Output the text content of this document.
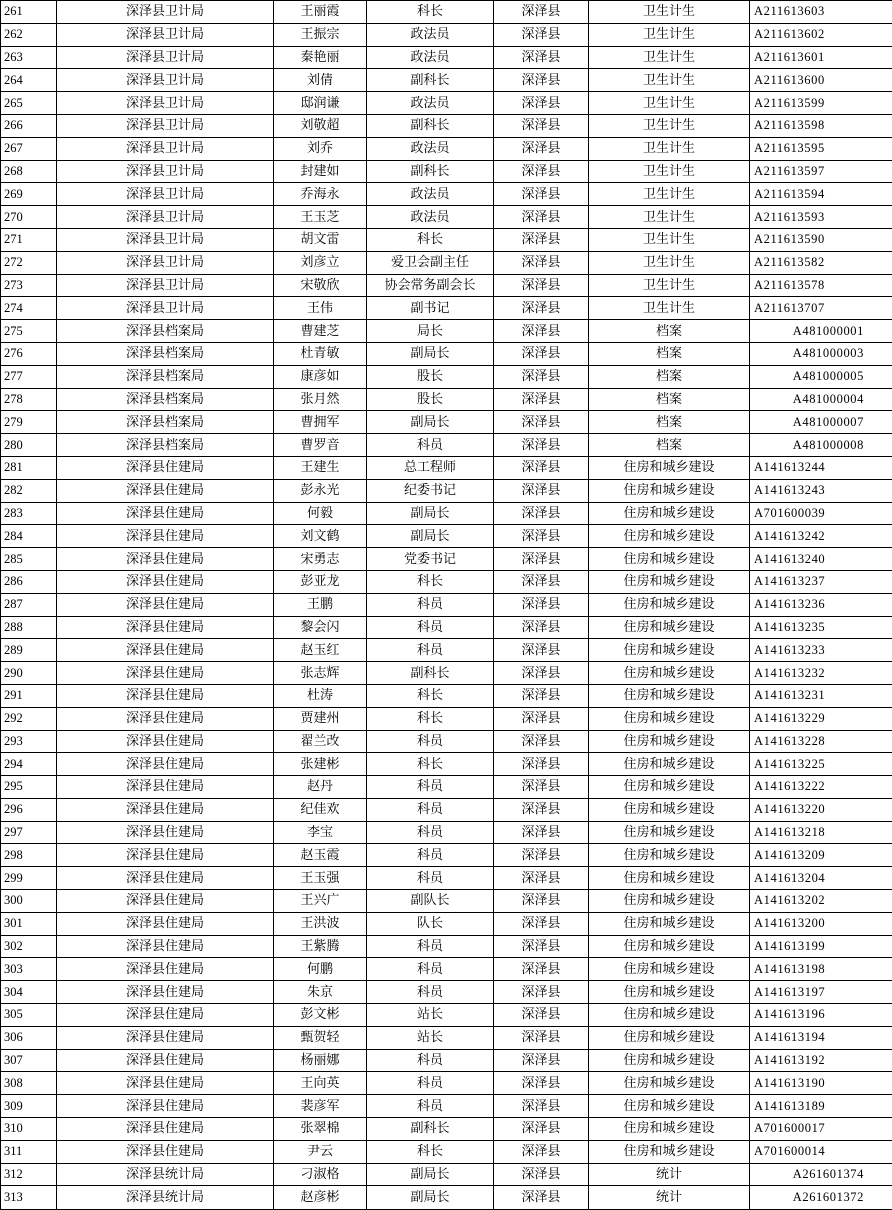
261	深泽县卫计局	王丽霞	科长	深泽县	卫生计生	A211613603
262	深泽县卫计局	王振宗	政法员	深泽县	卫生计生	A211613602
263	深泽县卫计局	秦艳丽	政法员	深泽县	卫生计生	A211613601
264	深泽县卫计局	刘倩	副科长	深泽县	卫生计生	A211613600
265	深泽县卫计局	邸润谦	政法员	深泽县	卫生计生	A211613599
266	深泽县卫计局	刘敬超	副科长	深泽县	卫生计生	A211613598
267	深泽县卫计局	刘乔	政法员	深泽县	卫生计生	A211613595
268	深泽县卫计局	封建如	副科长	深泽县	卫生计生	A211613597
269	深泽县卫计局	乔海永	政法员	深泽县	卫生计生	A211613594
270	深泽县卫计局	王玉芝	政法员	深泽县	卫生计生	A211613593
271	深泽县卫计局	胡文雷	科长	深泽县	卫生计生	A211613590
272	深泽县卫计局	刘彦立	爱卫会副主任	深泽县	卫生计生	A211613582
273	深泽县卫计局	宋敬欣	协会常务副会长	深泽县	卫生计生	A211613578
274	深泽县卫计局	王伟	副书记	深泽县	卫生计生	A211613707
275	深泽县档案局	曹建芝	局长	深泽县	档案	A481000001
276	深泽县档案局	杜青敏	副局长	深泽县	档案	A481000003
277	深泽县档案局	康彦如	股长	深泽县	档案	A481000005
278	深泽县档案局	张月然	股长	深泽县	档案	A481000004
279	深泽县档案局	曹拥军	副局长	深泽县	档案	A481000007
280	深泽县档案局	曹罗音	科员	深泽县	档案	A481000008
281	深泽县住建局	王建生	总工程师	深泽县	住房和城乡建设	A141613244
282	深泽县住建局	彭永光	纪委书记	深泽县	住房和城乡建设	A141613243
283	深泽县住建局	何毅	副局长	深泽县	住房和城乡建设	A701600039
284	深泽县住建局	刘文鹤	副局长	深泽县	住房和城乡建设	A141613242
285	深泽县住建局	宋勇志	党委书记	深泽县	住房和城乡建设	A141613240
286	深泽县住建局	彭亚龙	科长	深泽县	住房和城乡建设	A141613237
287	深泽县住建局	王鹏	科员	深泽县	住房和城乡建设	A141613236
288	深泽县住建局	黎会闪	科员	深泽县	住房和城乡建设	A141613235
289	深泽县住建局	赵玉红	科员	深泽县	住房和城乡建设	A141613233
290	深泽县住建局	张志辉	副科长	深泽县	住房和城乡建设	A141613232
291	深泽县住建局	杜涛	科长	深泽县	住房和城乡建设	A141613231
292	深泽县住建局	贾建州	科长	深泽县	住房和城乡建设	A141613229
293	深泽县住建局	翟兰改	科员	深泽县	住房和城乡建设	A141613228
294	深泽县住建局	张建彬	科长	深泽县	住房和城乡建设	A141613225
295	深泽县住建局	赵丹	科员	深泽县	住房和城乡建设	A141613222
296	深泽县住建局	纪佳欢	科员	深泽县	住房和城乡建设	A141613220
297	深泽县住建局	李宝	科员	深泽县	住房和城乡建设	A141613218
298	深泽县住建局	赵玉霞	科员	深泽县	住房和城乡建设	A141613209
299	深泽县住建局	王玉强	科员	深泽县	住房和城乡建设	A141613204
300	深泽县住建局	王兴广	副队长	深泽县	住房和城乡建设	A141613202
301	深泽县住建局	王洪波	队长	深泽县	住房和城乡建设	A141613200
302	深泽县住建局	王紫腾	科员	深泽县	住房和城乡建设	A141613199
303	深泽县住建局	何鹏	科员	深泽县	住房和城乡建设	A141613198
304	深泽县住建局	朱京	科员	深泽县	住房和城乡建设	A141613197
305	深泽县住建局	彭文彬	站长	深泽县	住房和城乡建设	A141613196
306	深泽县住建局	甄贺轻	站长	深泽县	住房和城乡建设	A141613194
307	深泽县住建局	杨丽娜	科员	深泽县	住房和城乡建设	A141613192
308	深泽县住建局	王向英	科员	深泽县	住房和城乡建设	A141613190
309	深泽县住建局	裴彦军	科员	深泽县	住房和城乡建设	A141613189
310	深泽县住建局	张翠棉	副科长	深泽县	住房和城乡建设	A701600017
311	深泽县住建局	尹云	科长	深泽县	住房和城乡建设	A701600014
312	深泽县统计局	刁淑格	副局长	深泽县	统计	A261601374
313	深泽县统计局	赵彦彬	副局长	深泽县	统计	A261601372
